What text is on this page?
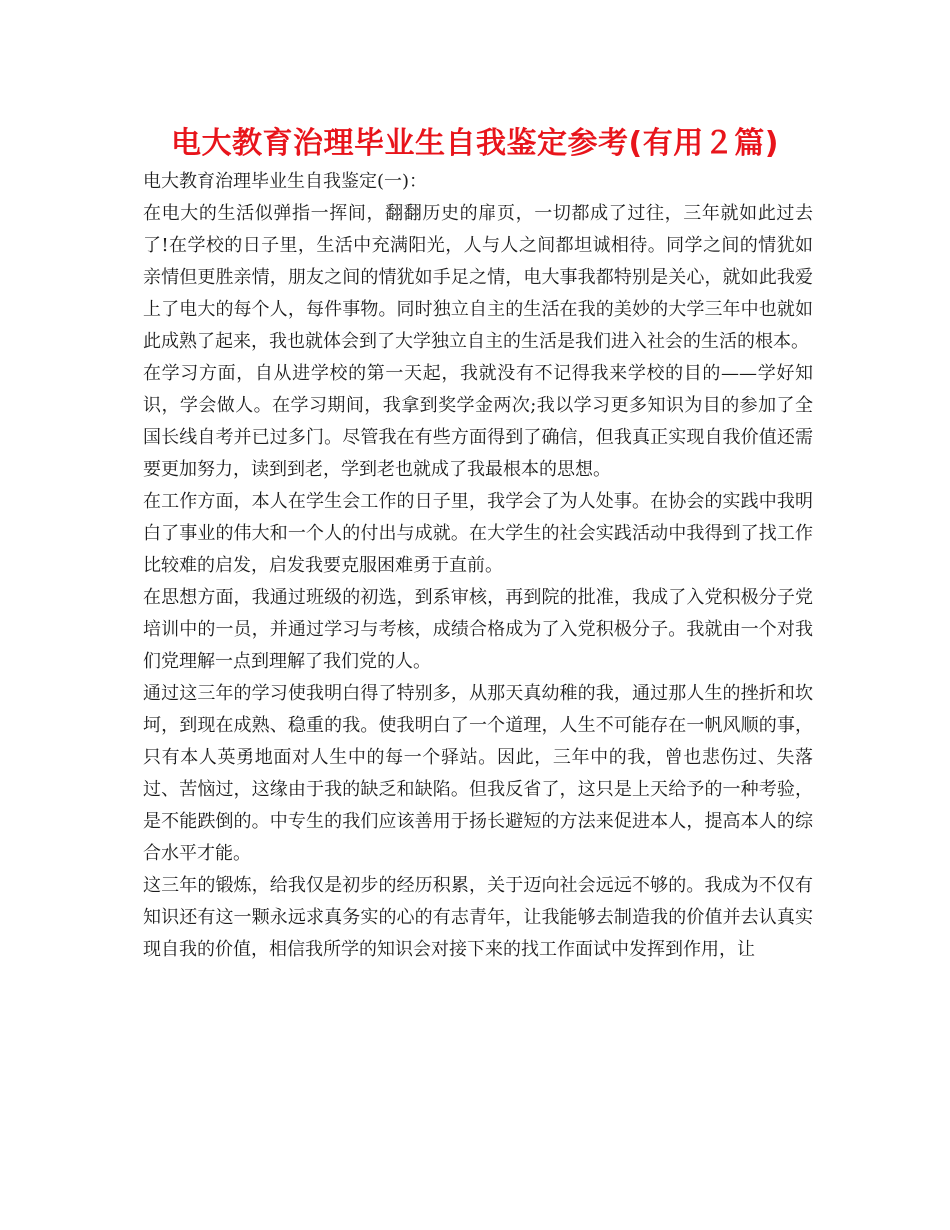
电大教育治理毕业生自我鉴定参考(有用２篇)

电大教育治理毕业生自我鉴定(一)：

在电大的生活似弹指一挥间，翻翻历史的扉页，一切都成了过往，三年就如此过去了!在学校的日子里，生活中充满阳光，人与人之间都坦诚相待。同学之间的情犹如亲情但更胜亲情，朋友之间的情犹如手足之情，电大事我都特别是关心，就如此我爱上了电大的每个人，每件事物。同时独立自主的生活在我的美妙的大学三年中也就如此成熟了起来，我也就体会到了大学独立自主的生活是我们进入社会的生活的根本。

在学习方面，自从进学校的第一天起，我就没有不记得我来学校的目的——学好知识，学会做人。在学习期间，我拿到奖学金两次;我以学习更多知识为目的参加了全国长线自考并已过多门。尽管我在有些方面得到了确信，但我真正实现自我价值还需要更加努力，读到到老，学到老也就成了我最根本的思想。

在工作方面，本人在学生会工作的日子里，我学会了为人处事。在协会的实践中我明白了事业的伟大和一个人的付出与成就。在大学生的社会实践活动中我得到了找工作比较难的启发，启发我要克服困难勇于直前。

在思想方面，我通过班级的初选，到系审核，再到院的批准，我成了入党积极分子党培训中的一员，并通过学习与考核，成绩合格成为了入党积极分子。我就由一个对我们党理解一点到理解了我们党的人。

通过这三年的学习使我明白得了特别多，从那天真幼稚的我，通过那人生的挫折和坎坷，到现在成熟、稳重的我。使我明白了一个道理，人生不可能存在一帆风顺的事，只有本人英勇地面对人生中的每一个驿站。因此，三年中的我，曾也悲伤过、失落过、苦恼过，这缘由于我的缺乏和缺陷。但我反省了，这只是上天给予的一种考验，是不能跌倒的。中专生的我们应该善用于扬长避短的方法来促进本人，提高本人的综合水平才能。

这三年的锻炼，给我仅是初步的经历积累，关于迈向社会远远不够的。我成为不仅有知识还有这一颗永远求真务实的心的有志青年，让我能够去制造我的价值并去认真实现自我的价值，相信我所学的知识会对接下来的找工作面试中发挥到作用，让
